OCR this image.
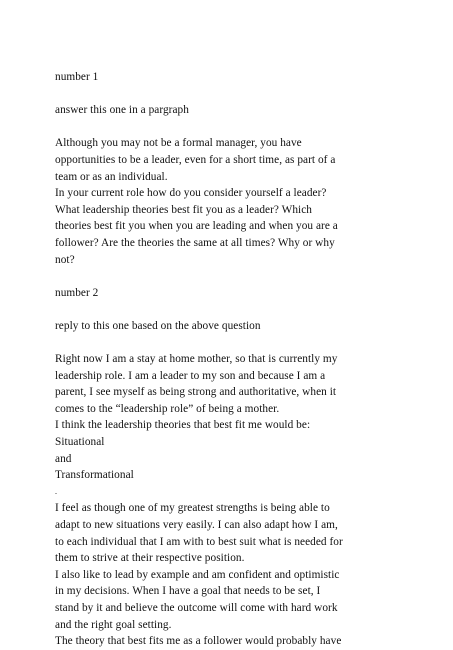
number 1
answer this one in a pargraph
Although you may not be a formal manager, you have
opportunities to be a leader, even for a short time, as part of a
team or as an individual.
In your current role how do you consider yourself a leader?
What leadership theories best fit you as a leader? Which
theories best fit you when you are leading and when you are a
follower? Are the theories the same at all times? Why or why
not?
number 2
reply to this one based on the above question
Right now I am a stay at home mother, so that is currently my
leadership role. I am a leader to my son and because I am a
parent, I see myself as being strong and authoritative, when it
comes to the “leadership role” of being a mother.
I think the leadership theories that best fit me would be:
Situational
and
Transformational
.
I feel as though one of my greatest strengths is being able to
adapt to new situations very easily. I can also adapt how I am,
to each individual that I am with to best suit what is needed for
them to strive at their respective position.
I also like to lead by example and am confident and optimistic
in my decisions. When I have a goal that needs to be set, I
stand by it and believe the outcome will come with hard work
and the right goal setting.
The theory that best fits me as a follower would probably have
